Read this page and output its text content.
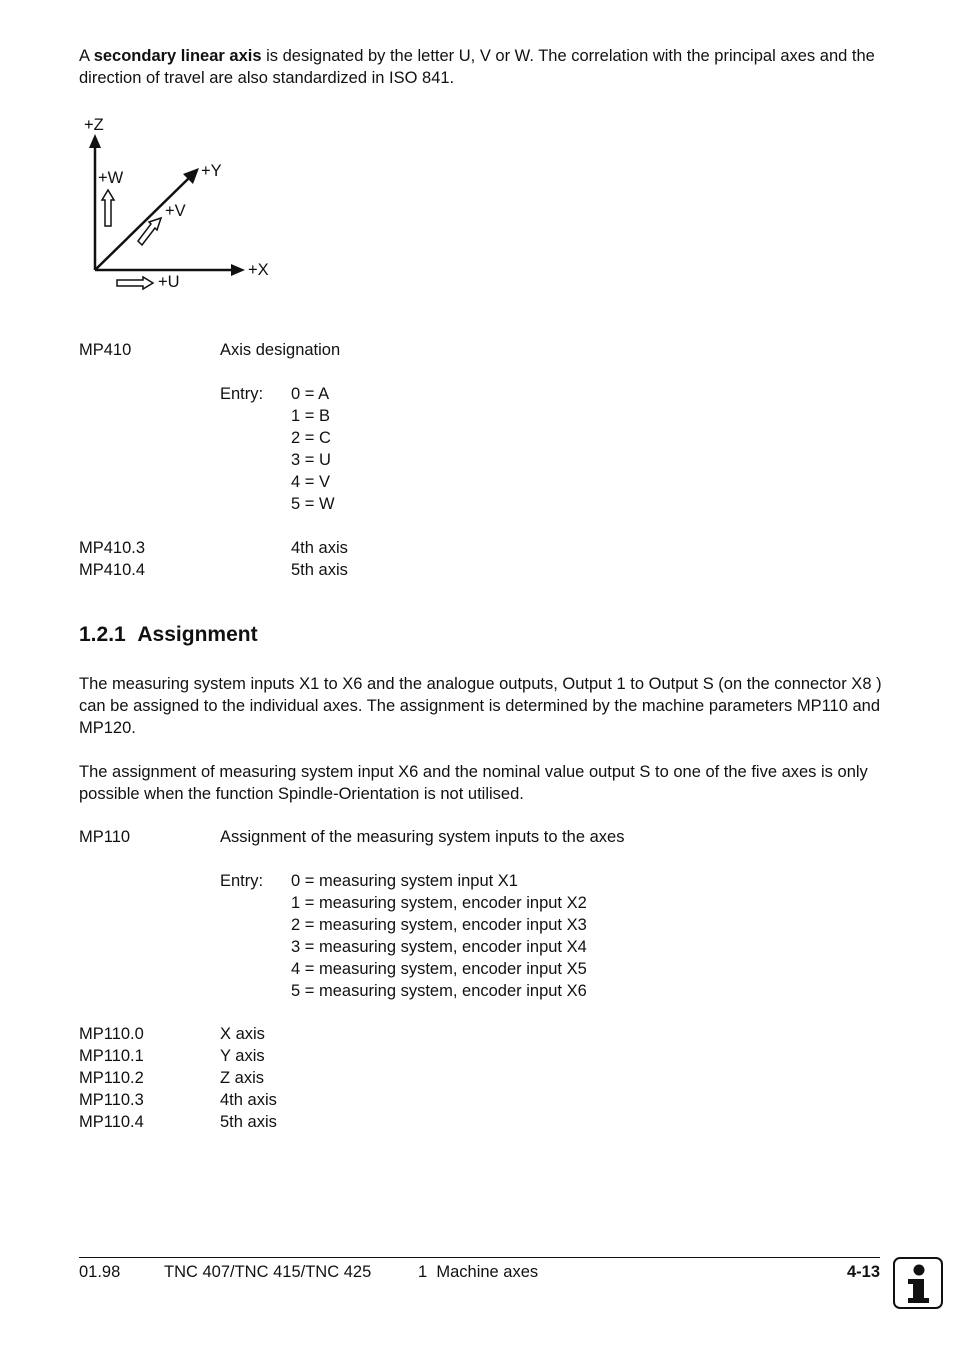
A secondary linear axis is designated by the letter U, V or W. The correlation with the principal axes and the direction of travel are also standardized in ISO 841.
+Z
+W	+Y
+V
+X
+U
MP410	Axis designation
Entry: 0 = A
1 = B
2 = C
3 = U
4 = V
5 = W
MP410.3	4th axis
MP410.4	5th axis
1.2.1 Assignment
The measuring system inputs X1 to X6 and the analogue outputs, Output 1 to Output S (on the connector X8 ) can be assigned to the individual axes. The assignment is determined by the machine parameters MP110 and MP120.
The assignment of measuring system input X6 and the nominal value output S to one of the five axes is only possible when the function Spindle-Orientation is not utilised.
MP110	Assignment of the measuring system inputs to the axes
Entry: 0 = measuring system input X1
1 = measuring system, encoder input X2
2 = measuring system, encoder input X3
3 = measuring system, encoder input X4
4 = measuring system, encoder input X5
5 = measuring system, encoder input X6
MP110.0	X axis
MP110.1	Y axis
MP110.2	Z axis
MP110.3	4th axis
MP110.4	5th axis
01.98	TNC 407/TNC 415/TNC 425	1  Machine axes	4-13
